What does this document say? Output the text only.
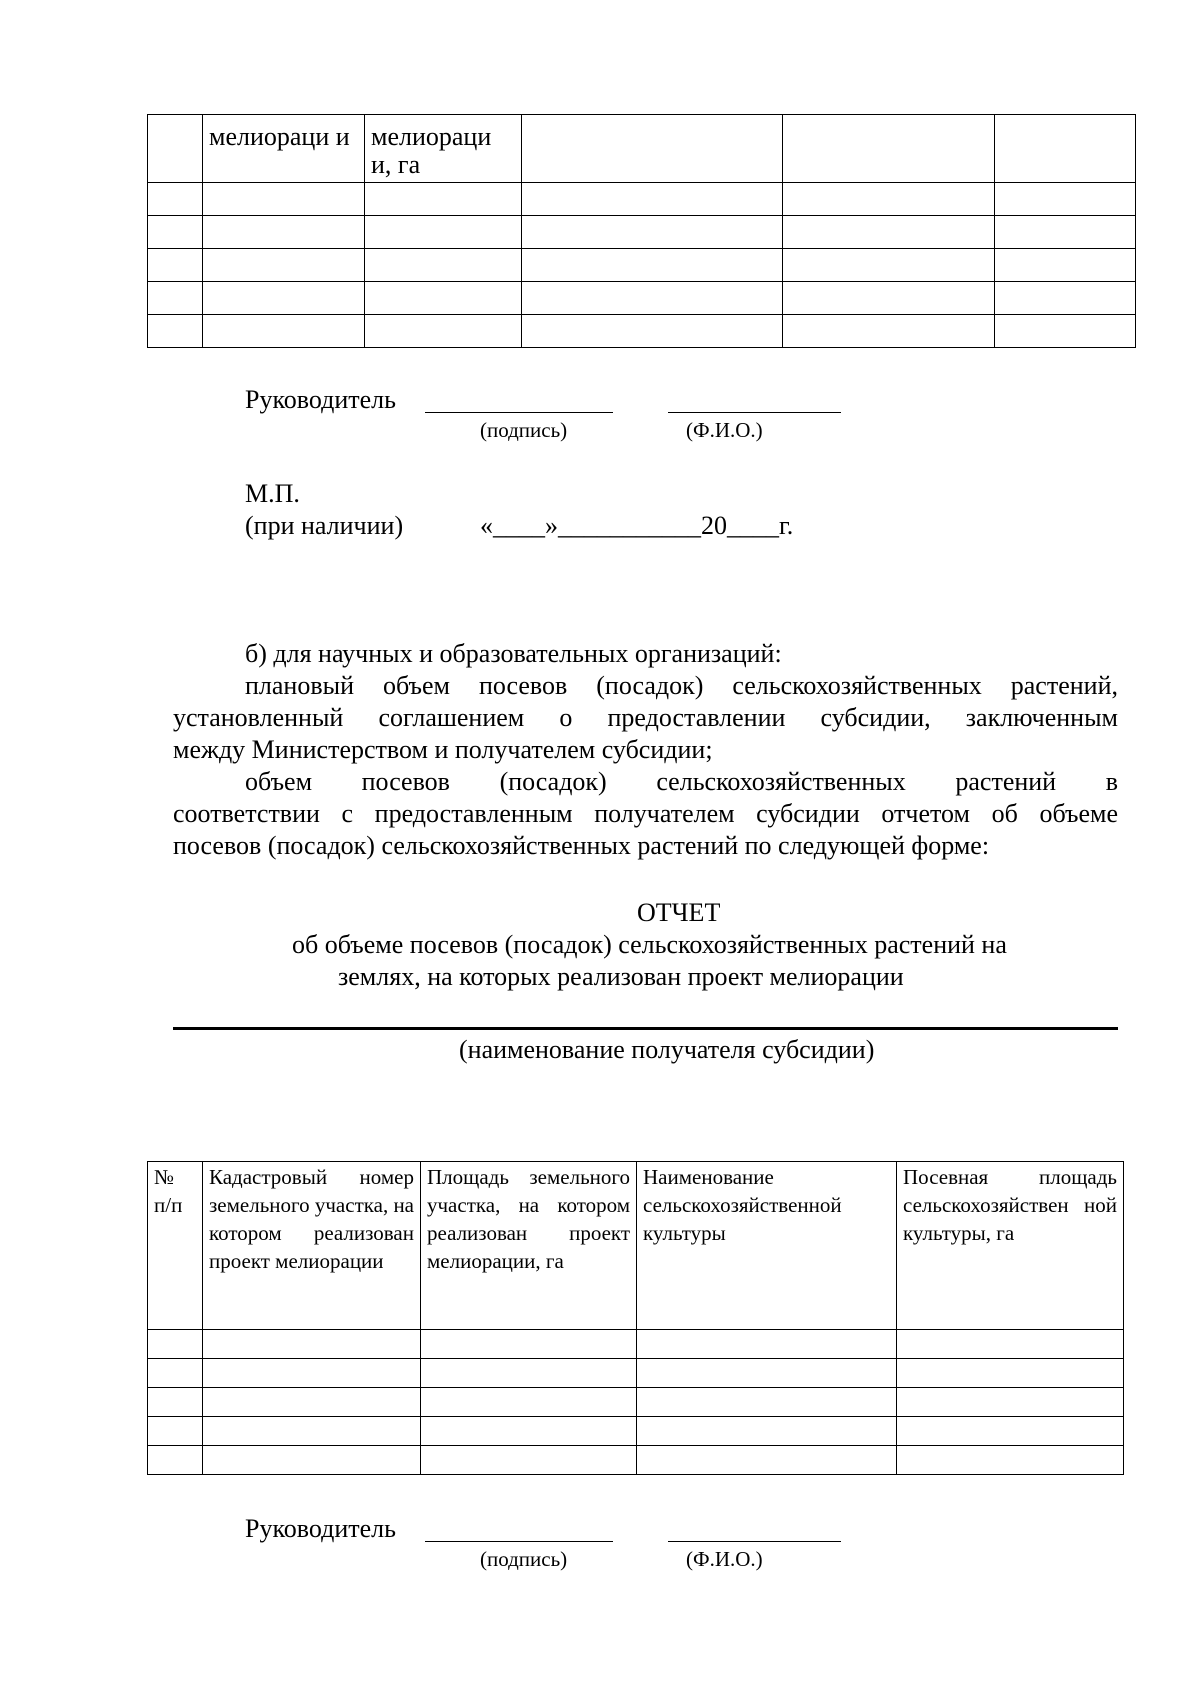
	мелиораци и	мелиораци и, га			

Руководитель
(подпись)	(Ф.И.О.)
М.П.
(при наличии)	«____»___________20____г.
б) для научных и образовательных организаций:
плановый объем посевов (посадок) сельскохозяйственных растений,
установленный соглашением о предоставлении субсидии, заключенным
между Министерством и получателем субсидии;
объем посевов (посадок) сельскохозяйственных растений в
соответствии с предоставленным получателем субсидии отчетом об объеме
посевов (посадок) сельскохозяйственных растений по следующей форме:
ОТЧЕТ
об объеме посевов (посадок) сельскохозяйственных растений на
землях, на которых реализован проект мелиорации
(наименование получателя субсидии)
№ п/п	Кадастровый номер земельного участка, на котором реализован проект мелиорации	Площадь земельного участка, на котором реализован проект мелиорации, га	Наименование сельскохозяйственной культуры	Посевная площадь сельскохозяйствен ной культуры, га

Руководитель
(подпись)	(Ф.И.О.)
